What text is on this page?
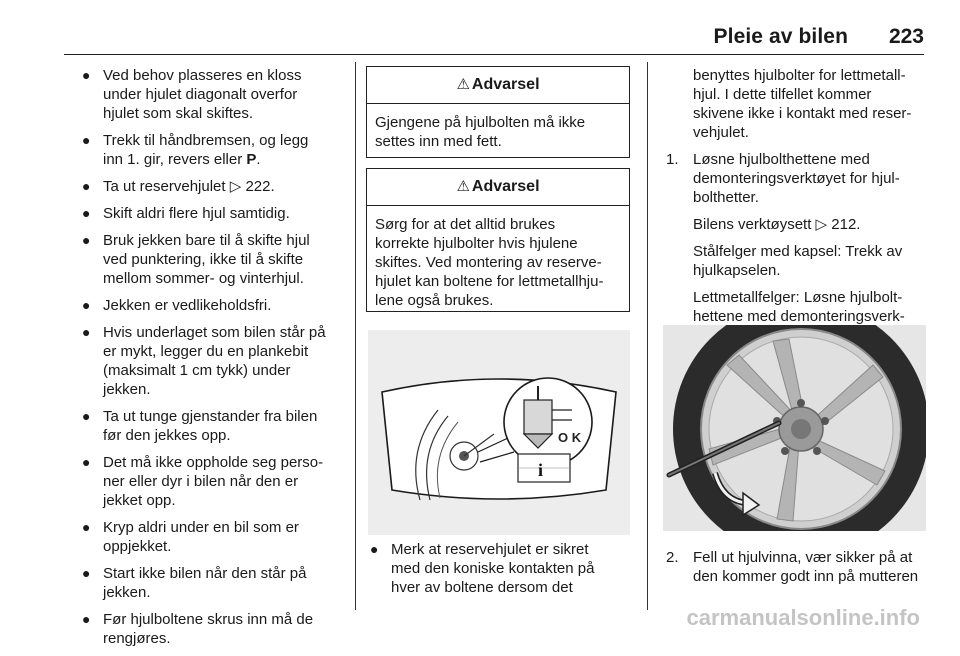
Pleie av bilen 223
● Ved behov plasseres en kloss
under hjulet diagonalt overfor
hjulet som skal skiftes.
● Trekk til håndbremsen, og legg
inn 1. gir, revers eller P.
● Ta ut reservehjulet ▷ 222.
● Skift aldri flere hjul samtidig.
● Bruk jekken bare til å skifte hjul
ved punktering, ikke til å skifte
mellom sommer- og vinterhjul.
● Jekken er vedlikeholdsfri.
● Hvis underlaget som bilen står på
er mykt, legger du en plankebit
(maksimalt 1 cm tykk) under
jekken.
● Ta ut tunge gjenstander fra bilen
før den jekkes opp.
● Det må ikke oppholde seg perso-
ner eller dyr i bilen når den er
jekket opp.
● Kryp aldri under en bil som er
oppjekket.
● Start ikke bilen når den står på
jekken.
● Før hjulboltene skrus inn må de
rengjøres.
⚠ Advarsel
Gjengene på hjulbolten må ikke
settes inn med fett.
⚠ Advarsel
Sørg for at det alltid brukes
korrekte hjulbolter hvis hjulene
skiftes. Ved montering av reserve-
hjulet kan boltene for lettmetallhju-
lene også brukes.
O K
i
● Merk at reservehjulet er sikret
med den koniske kontakten på
hver av boltene dersom det
benyttes hjulbolter for lettmetall-
hjul. I dette tilfellet kommer
skivene ikke i kontakt med reser-
vehjulet.
1. Løsne hjulbolthettene med
demonteringsverktøyet for hjul-
bolthetter.
Bilens verktøysett ▷ 212.
Stålfelger med kapsel: Trekk av
hjulkapselen.
Lettmetallfelger: Løsne hjulbolt-
hettene med demonteringsverk-

2. Fell ut hjulvinna, vær sikker på at
den kommer godt inn på mutteren
carmanualsonline.info
